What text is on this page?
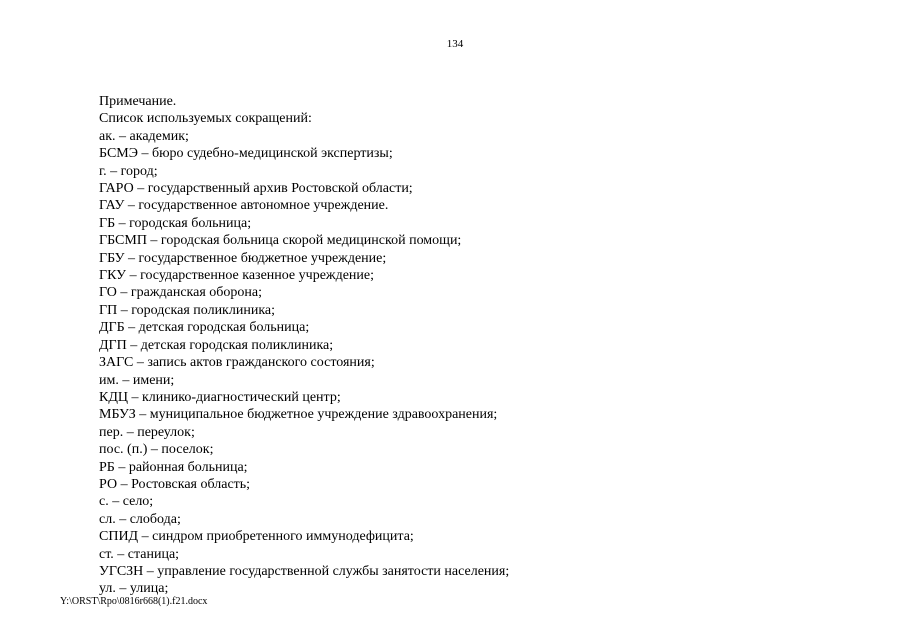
134
Примечание.
Список используемых сокращений:
ак. – академик;
БСМЭ – бюро судебно-медицинской экспертизы;
г. – город;
ГАРО – государственный архив Ростовской области;
ГАУ – государственное автономное учреждение.
ГБ – городская больница;
ГБСМП – городская больница скорой медицинской помощи;
ГБУ – государственное бюджетное учреждение;
ГКУ – государственное казенное учреждение;
ГО – гражданская оборона;
ГП – городская поликлиника;
ДГБ – детская городская больница;
ДГП – детская городская поликлиника;
ЗАГС – запись актов гражданского состояния;
им. – имени;
КДЦ – клинико-диагностический центр;
МБУЗ – муниципальное бюджетное учреждение здравоохранения;
пер. – переулок;
пос. (п.) – поселок;
РБ – районная больница;
РО – Ростовская область;
с. – село;
сл. – слобода;
СПИД – синдром приобретенного иммунодефицита;
ст. – станица;
УГСЗН – управление государственной службы занятости населения;
ул. – улица;
Y:\ORST\Rpo\0816r668(1).f21.docx
